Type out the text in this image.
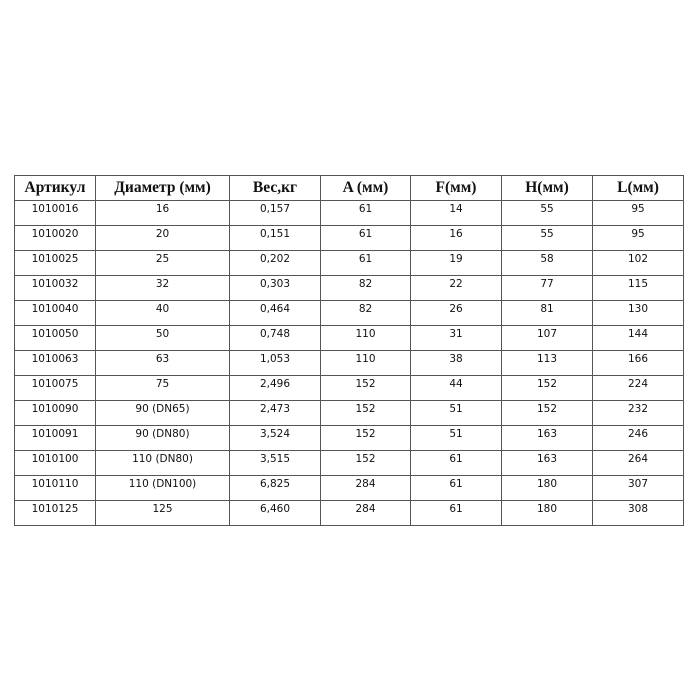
Артикул	Диаметр (мм)	Вес,кг	A (мм)	F(мм)	H(мм)	L(мм)

1010016	16	0,157	61	14	55	95

1010020	20	0,151	61	16	55	95

1010025	25	0,202	61	19	58	102

1010032	32	0,303	82	22	77	115

1010040	40	0,464	82	26	81	130

1010050	50	0,748	110	31	107	144

1010063	63	1,053	110	38	113	166

1010075	75	2,496	152	44	152	224

1010090	90 (DN65)	2,473	152	51	152	232

1010091	90 (DN80)	3,524	152	51	163	246

1010100	110 (DN80)	3,515	152	61	163	264

1010110	110 (DN100)	6,825	284	61	180	307

1010125	125	6,460	284	61	180	308
